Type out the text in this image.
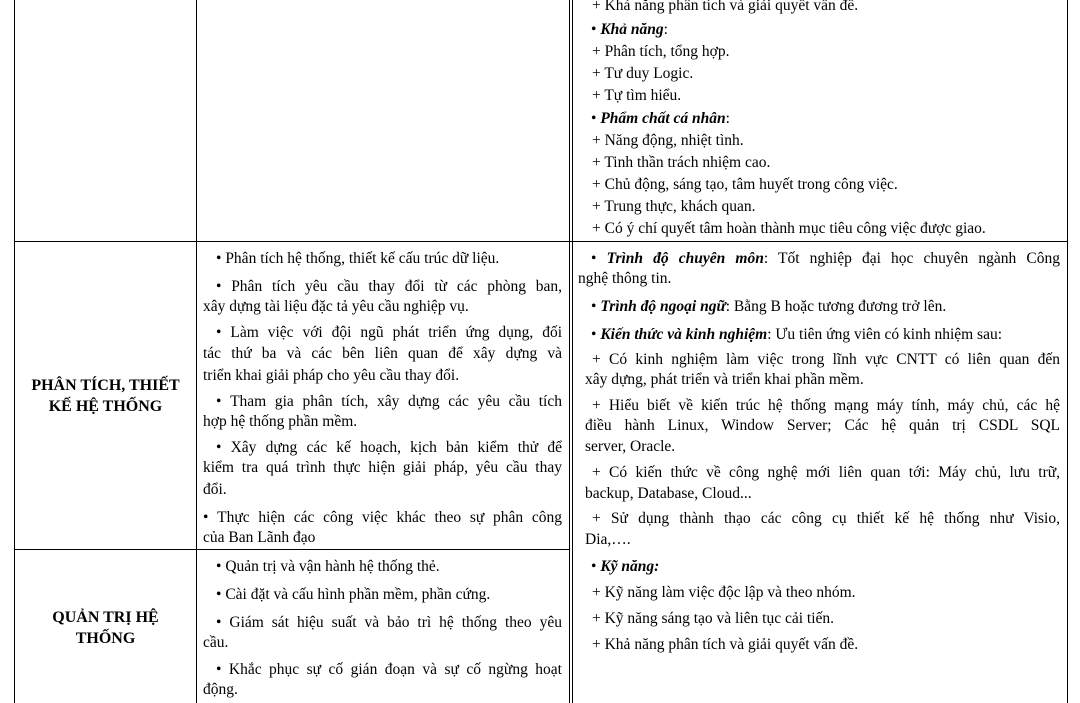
+ Khả năng phân tích và giải quyết vấn đề.
• Khả năng:
+ Phân tích, tổng hợp.
+ Tư duy Logic.
+ Tự tìm hiểu.
• Phẩm chất cá nhân:
+ Năng động, nhiệt tình.
+ Tinh thần trách nhiệm cao.
+ Chủ động, sáng tạo, tâm huyết trong công việc.
+ Trung thực, khách quan.
+ Có ý chí quyết tâm hoàn thành mục tiêu công việc được giao.
PHÂN TÍCH, THIẾT
KẾ HỆ THỐNG
• Phân tích hệ thống, thiết kế cấu trúc dữ liệu.
• Phân tích yêu cầu thay đổi từ các phòng ban,
xây dựng tài liệu đặc tả yêu cầu nghiệp vụ.
• Làm việc với đội ngũ phát triển ứng dụng, đối
tác thứ ba và các bên liên quan để xây dựng và
triển khai giải pháp cho yêu cầu thay đổi.
• Tham gia phân tích, xây dựng các yêu cầu tích
hợp hệ thống phần mềm.
• Xây dựng các kế hoạch, kịch bản kiểm thử để
kiểm tra quá trình thực hiện giải pháp, yêu cầu thay
đổi.
• Thực hiện các công việc khác theo sự phân công
của Ban Lãnh đạo
QUẢN TRỊ HỆ
THỐNG
• Quản trị và vận hành hệ thống thẻ.
• Cài đặt và cấu hình phần mềm, phần cứng.
• Giám sát hiệu suất và bảo trì hệ thống theo yêu
cầu.
• Khắc phục sự cố gián đoạn và sự cố ngừng hoạt
động.
• Trình độ chuyên môn: Tốt nghiệp đại học chuyên ngành Công
nghệ thông tin.
• Trình độ ngoại ngữ: Bằng B hoặc tương đương trở lên.
• Kiến thức và kinh nghiệm: Ưu tiên ứng viên có kinh nhiệm sau:
+ Có kinh nghiệm làm việc trong lĩnh vực CNTT có liên quan đến
xây dựng, phát triển và triển khai phần mềm.
+ Hiểu biết về kiến trúc hệ thống mạng máy tính, máy chủ, các hệ
điều hành Linux, Window Server; Các hệ quản trị CSDL SQL
server, Oracle.
+ Có kiến thức về công nghệ mới liên quan tới: Máy chủ, lưu trữ,
backup, Database, Cloud...
+ Sử dụng thành thạo các công cụ thiết kế hệ thống như Visio,
Dia,….
• Kỹ năng:
+ Kỹ năng làm việc độc lập và theo nhóm.
+ Kỹ năng sáng tạo và liên tục cải tiến.
+ Khả năng phân tích và giải quyết vấn đề.
